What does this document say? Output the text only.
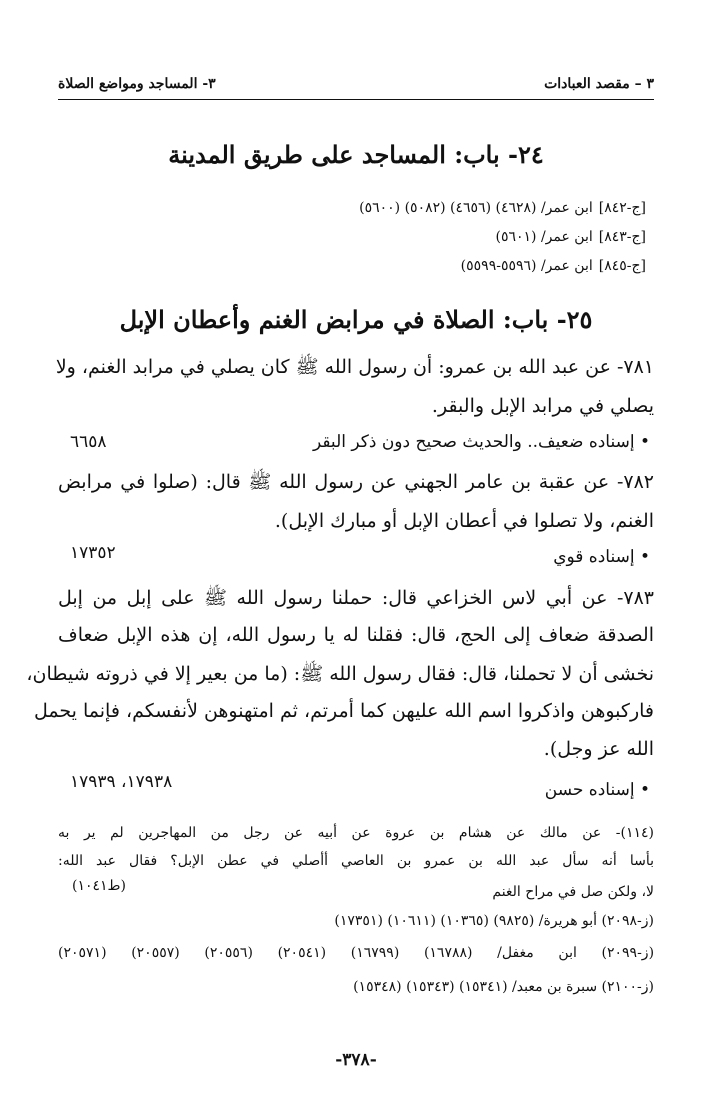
٣ – مقصد العبادات
٣- المساجد ومواضع الصلاة
٢٤- باب: المساجد على طريق المدينة
[ج-٨٤٢]ابن عمر/ (٤٦٢٨) (٤٦٥٦) (٥٠٨٢) (٥٦٠٠)
[ج-٨٤٣]ابن عمر/ (٥٦٠١)
[ج-٨٤٥]ابن عمر/ (٥٥٩٦-٥٥٩٩)
٢٥- باب: الصلاة في مرابض الغنم وأعطان الإبل
٧٨١- عن عبد الله بن عمرو: أن رسول الله ﷺ كان يصلي في مرابد الغنم، ولا
يصلي في مرابد الإبل والبقر.
• إسناده ضعيف.. والحديث صحيح دون ذكر البقر
٦٦٥٨
٧٨٢- عن عقبة بن عامر الجهني عن رسول الله ﷺ قال: (صلوا في مرابض
الغنم، ولا تصلوا في أعطان الإبل أو مبارك الإبل).
• إسناده قوي
١٧٣٥٢
٧٨٣- عن أبي لاس الخزاعي قال: حملنا رسول الله ﷺ على إبل من إبل
الصدقة ضعاف إلى الحج، قال: فقلنا له يا رسول الله، إن هذه الإبل ضعاف
نخشى أن لا تحملنا، قال: فقال رسول الله ﷺ: (ما من بعير إلا في ذروته شيطان،
فاركبوهن واذكروا اسم الله عليهن كما أمرتم، ثم امتهنوهن لأنفسكم، فإنما يحمل
الله عز وجل).
• إسناده حسن
١٧٩٣٨، ١٧٩٣٩
(١١٤)- عن مالك عن هشام بن عروة عن أبيه عن رجل من المهاجرين لم ير به
بأسا أنه سأل عبد الله بن عمرو بن العاصي أأصلي في عطن الإبل؟ فقال عبد الله:
لا، ولكن صل في مراح الغنم
(ط١٠٤١)
(ز-٢٠٩٨) أبو هريرة/ (٩٨٢٥) (١٠٣٦٥) (١٠٦١١) (١٧٣٥١)
(ز-٢٠٩٩) ابن مغفل/ (١٦٧٨٨) (١٦٧٩٩) (٢٠٥٤١) (٢٠٥٥٦) (٢٠٥٥٧) (٢٠٥٧١)
(ز-٢١٠٠) سبرة بن معبد/ (١٥٣٤١) (١٥٣٤٣) (١٥٣٤٨)
-٣٧٨-
